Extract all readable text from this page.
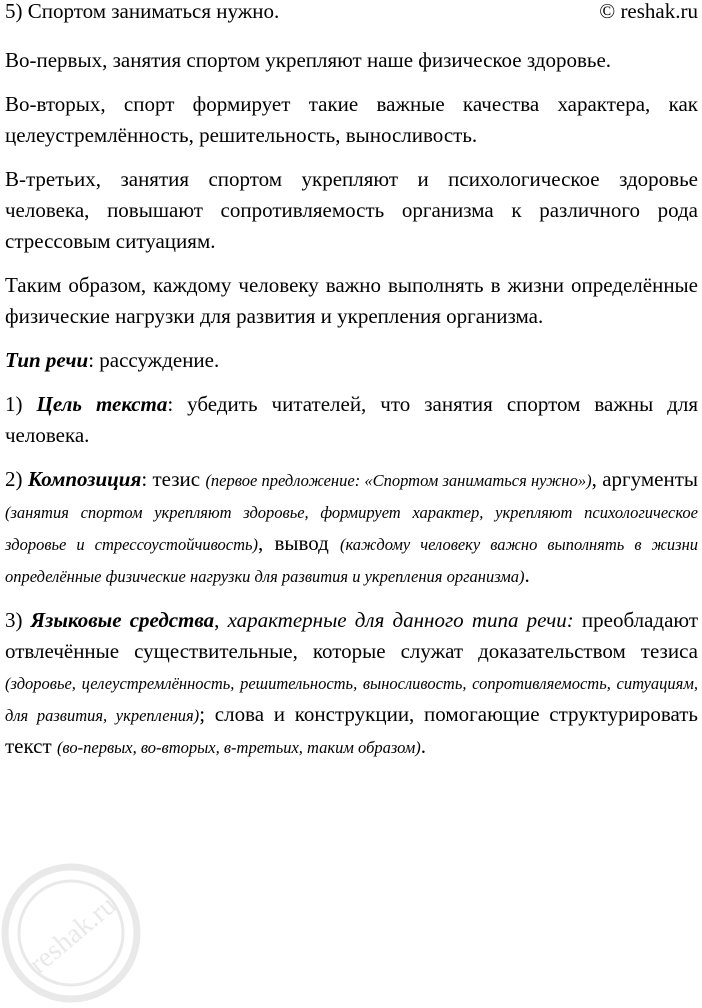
5) Спортом заниматься нужно.	© reshak.ru

Во-первых, занятия спортом укрепляют наше физическое здоровье.

Во-вторых, спорт формирует такие важные качества характера, как целеустремлённость, решительность, выносливость.

В-третьих, занятия спортом укрепляют и психологическое здоровье человека, повышают сопротивляемость организма к различного рода стрессовым ситуациям.

Таким образом, каждому человеку важно выполнять в жизни определённые физические нагрузки для развития и укрепления организма.

Тип речи: рассуждение.

1) Цель текста: убедить читателей, что занятия спортом важны для человека.

2) Композиция: тезис (первое предложение: «Спортом заниматься нужно»), аргументы (занятия спортом укрепляют здоровье, формирует характер, укрепляют психологическое здоровье и стрессоустойчивость), вывод (каждому человеку важно выполнять в жизни определённые физические нагрузки для развития и укрепления организма).

3) Языковые средства, характерные для данного типа речи: преобладают отвлечённые существительные, которые служат доказательством тезиса (здоровье, целеустремлённость, решительность, выносливость, сопротивляемость, ситуациям, для развития, укрепления); слова и конструкции, помогающие структурировать текст (во-первых, во-вторых, в-третьих, таким образом).

reshak.ru
